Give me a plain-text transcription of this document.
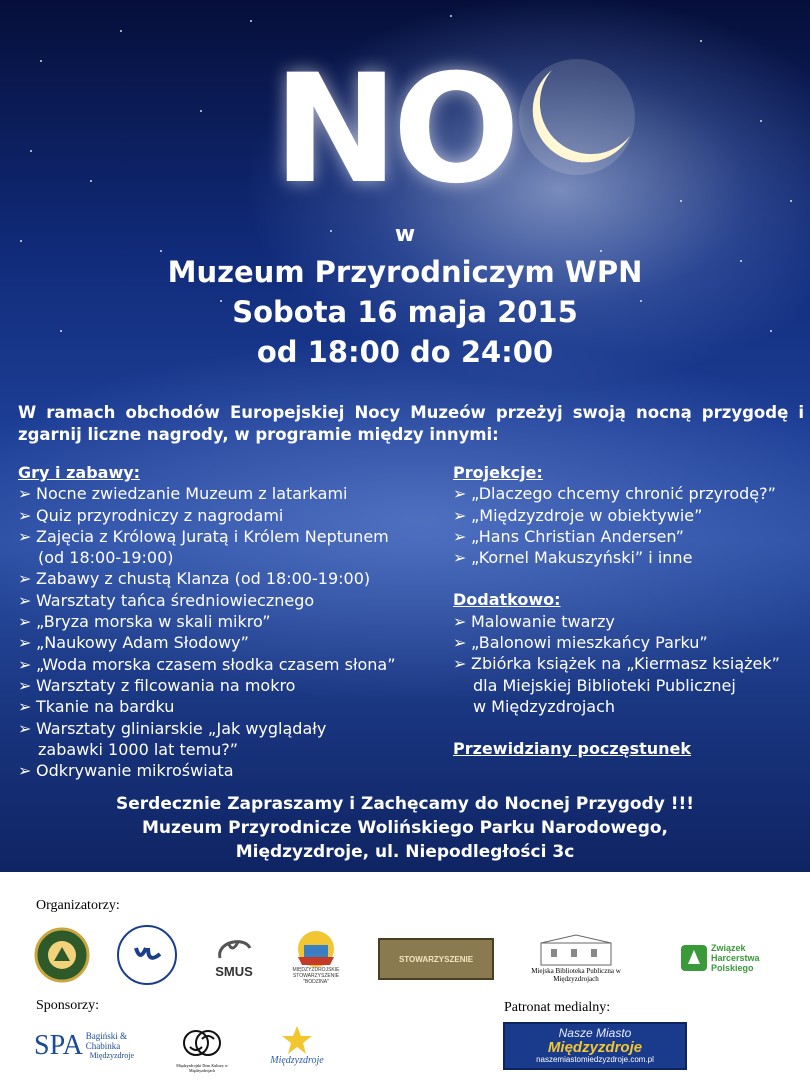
NO
w
Muzeum Przyrodniczym WPN
Sobota 16 maja 2015
od 18:00 do 24:00
W ramach obchodów Europejskiej Nocy Muzeów przeżyj swoją nocną przygodę i zgarnij liczne nagrody, w programie między innymi:
Gry i zabawy:
➢ Nocne zwiedzanie Muzeum z latarkami
➢ Quiz przyrodniczy z nagrodami
➢ Zajęcia z Królową Juratą i Królem Neptunem
(od 18:00-19:00)
➢ Zabawy z chustą Klanza (od 18:00-19:00)
➢ Warsztaty tańca średniowiecznego
➢ „Bryza morska w skali mikro”
➢ „Naukowy Adam Słodowy”
➢ „Woda morska czasem słodka czasem słona”
➢ Warsztaty z filcowania na mokro
➢ Tkanie na bardku
➢ Warsztaty gliniarskie „Jak wyglądały
zabawki 1000 lat temu?”
➢ Odkrywanie mikroświata
Projekcje:
➢ „Dlaczego chcemy chronić przyrodę?”
➢ „Międzyzdroje w obiektywie”
➢ „Hans Christian Andersen”
➢ „Kornel Makuszyński” i inne
Dodatkowo:
➢ Malowanie twarzy
➢ „Balonowi mieszkańcy Parku”
➢ Zbiórka książek na „Kiermasz książek”
dla Miejskiej Biblioteki Publicznej
w Międzyzdrojach
Przewidziany poczęstunek
Serdecznie Zapraszamy i Zachęcamy do Nocnej Przygody !!!
Muzeum Przyrodnicze Wolińskiego Parku Narodowego,
Międzyzdroje, ul. Niepodległości 3c
Organizatorzy:
Sponsorzy:	Patronat medialny:
SMUS	MIĘDZYZDROJSKIE STOWARZYSZENIE "BODZINA"
STOWARZYSZENIE
Miejska Biblioteka Publiczna w Międzyzdrojach
Związek
Harcerstwa
Polskiego
SPA Bagiński & Chabinka
Międzyzdroje
Międzyzdrojski Dom Kultury w Międzyzdrojach
Międzyzdroje
Nasze Miasto
Międzyzdroje
naszemiastomiedzyzdroje.com.pl
